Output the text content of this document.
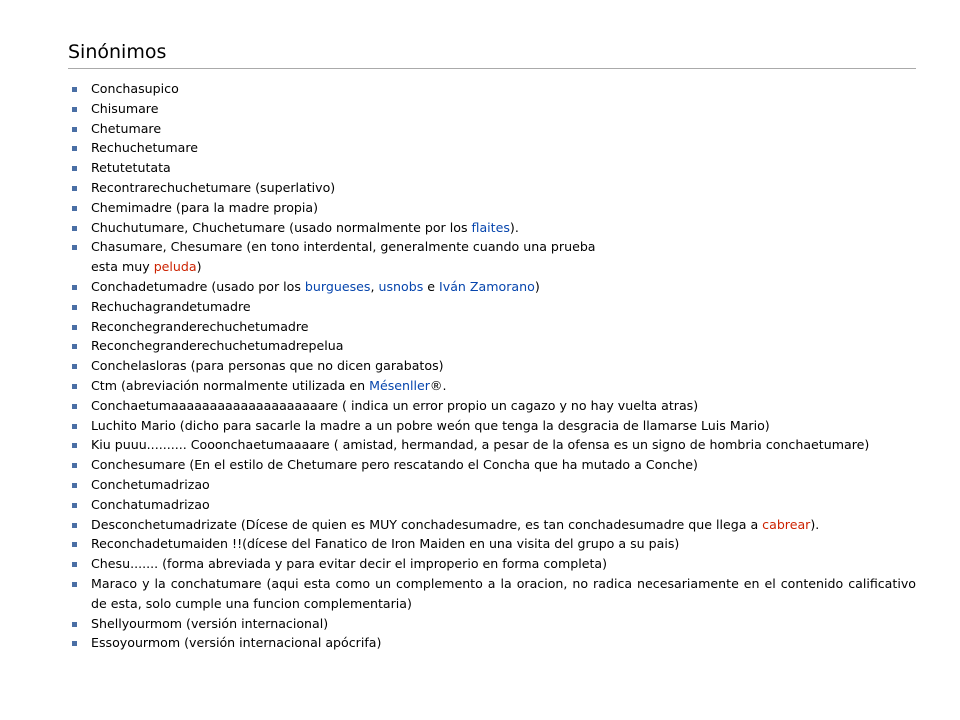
Sinónimos
Conchasupico
Chisumare
Chetumare
Rechuchetumare
Retutetutata
Recontrarechuchetumare (superlativo)
Chemimadre (para la madre propia)
Chuchutumare, Chuchetumare (usado normalmente por los flaites).
Chasumare, Chesumare (en tono interdental, generalmente cuando una prueba
esta muy peluda)
Conchadetumadre (usado por los burgueses, usnobs e Iván Zamorano)
Rechuchagrandetumadre
Reconchegranderechuchetumadre
Reconchegranderechuchetumadrepelua
Conchelasloras (para personas que no dicen garabatos)
Ctm (abreviación normalmente utilizada en Mésenller®.
Conchaetumaaaaaaaaaaaaaaaaaaaare ( indica un error propio un cagazo y no hay vuelta atras)
Luchito Mario (dicho para sacarle la madre a un pobre weón que tenga la desgracia de llamarse Luis Mario)
Kiu puuu.......... Cooonchaetumaaaare ( amistad, hermandad, a pesar de la ofensa es un signo de hombria conchaetumare)
Conchesumare (En el estilo de Chetumare pero rescatando el Concha que ha mutado a Conche)
Conchetumadrizao
Conchatumadrizao
Desconchetumadrizate (Dícese de quien es MUY conchadesumadre, es tan conchadesumadre que llega a cabrear).
Reconchadetumaiden !!(dícese del Fanatico de Iron Maiden en una visita del grupo a su pais)
Chesu....... (forma abreviada y para evitar decir el improperio en forma completa)
Maraco y la conchatumare (aqui esta como un complemento a la oracion, no radica necesariamente en el contenido calificativo de esta, solo cumple una funcion complementaria)
Shellyourmom (versión internacional)
Essoyourmom (versión internacional apócrifa)
